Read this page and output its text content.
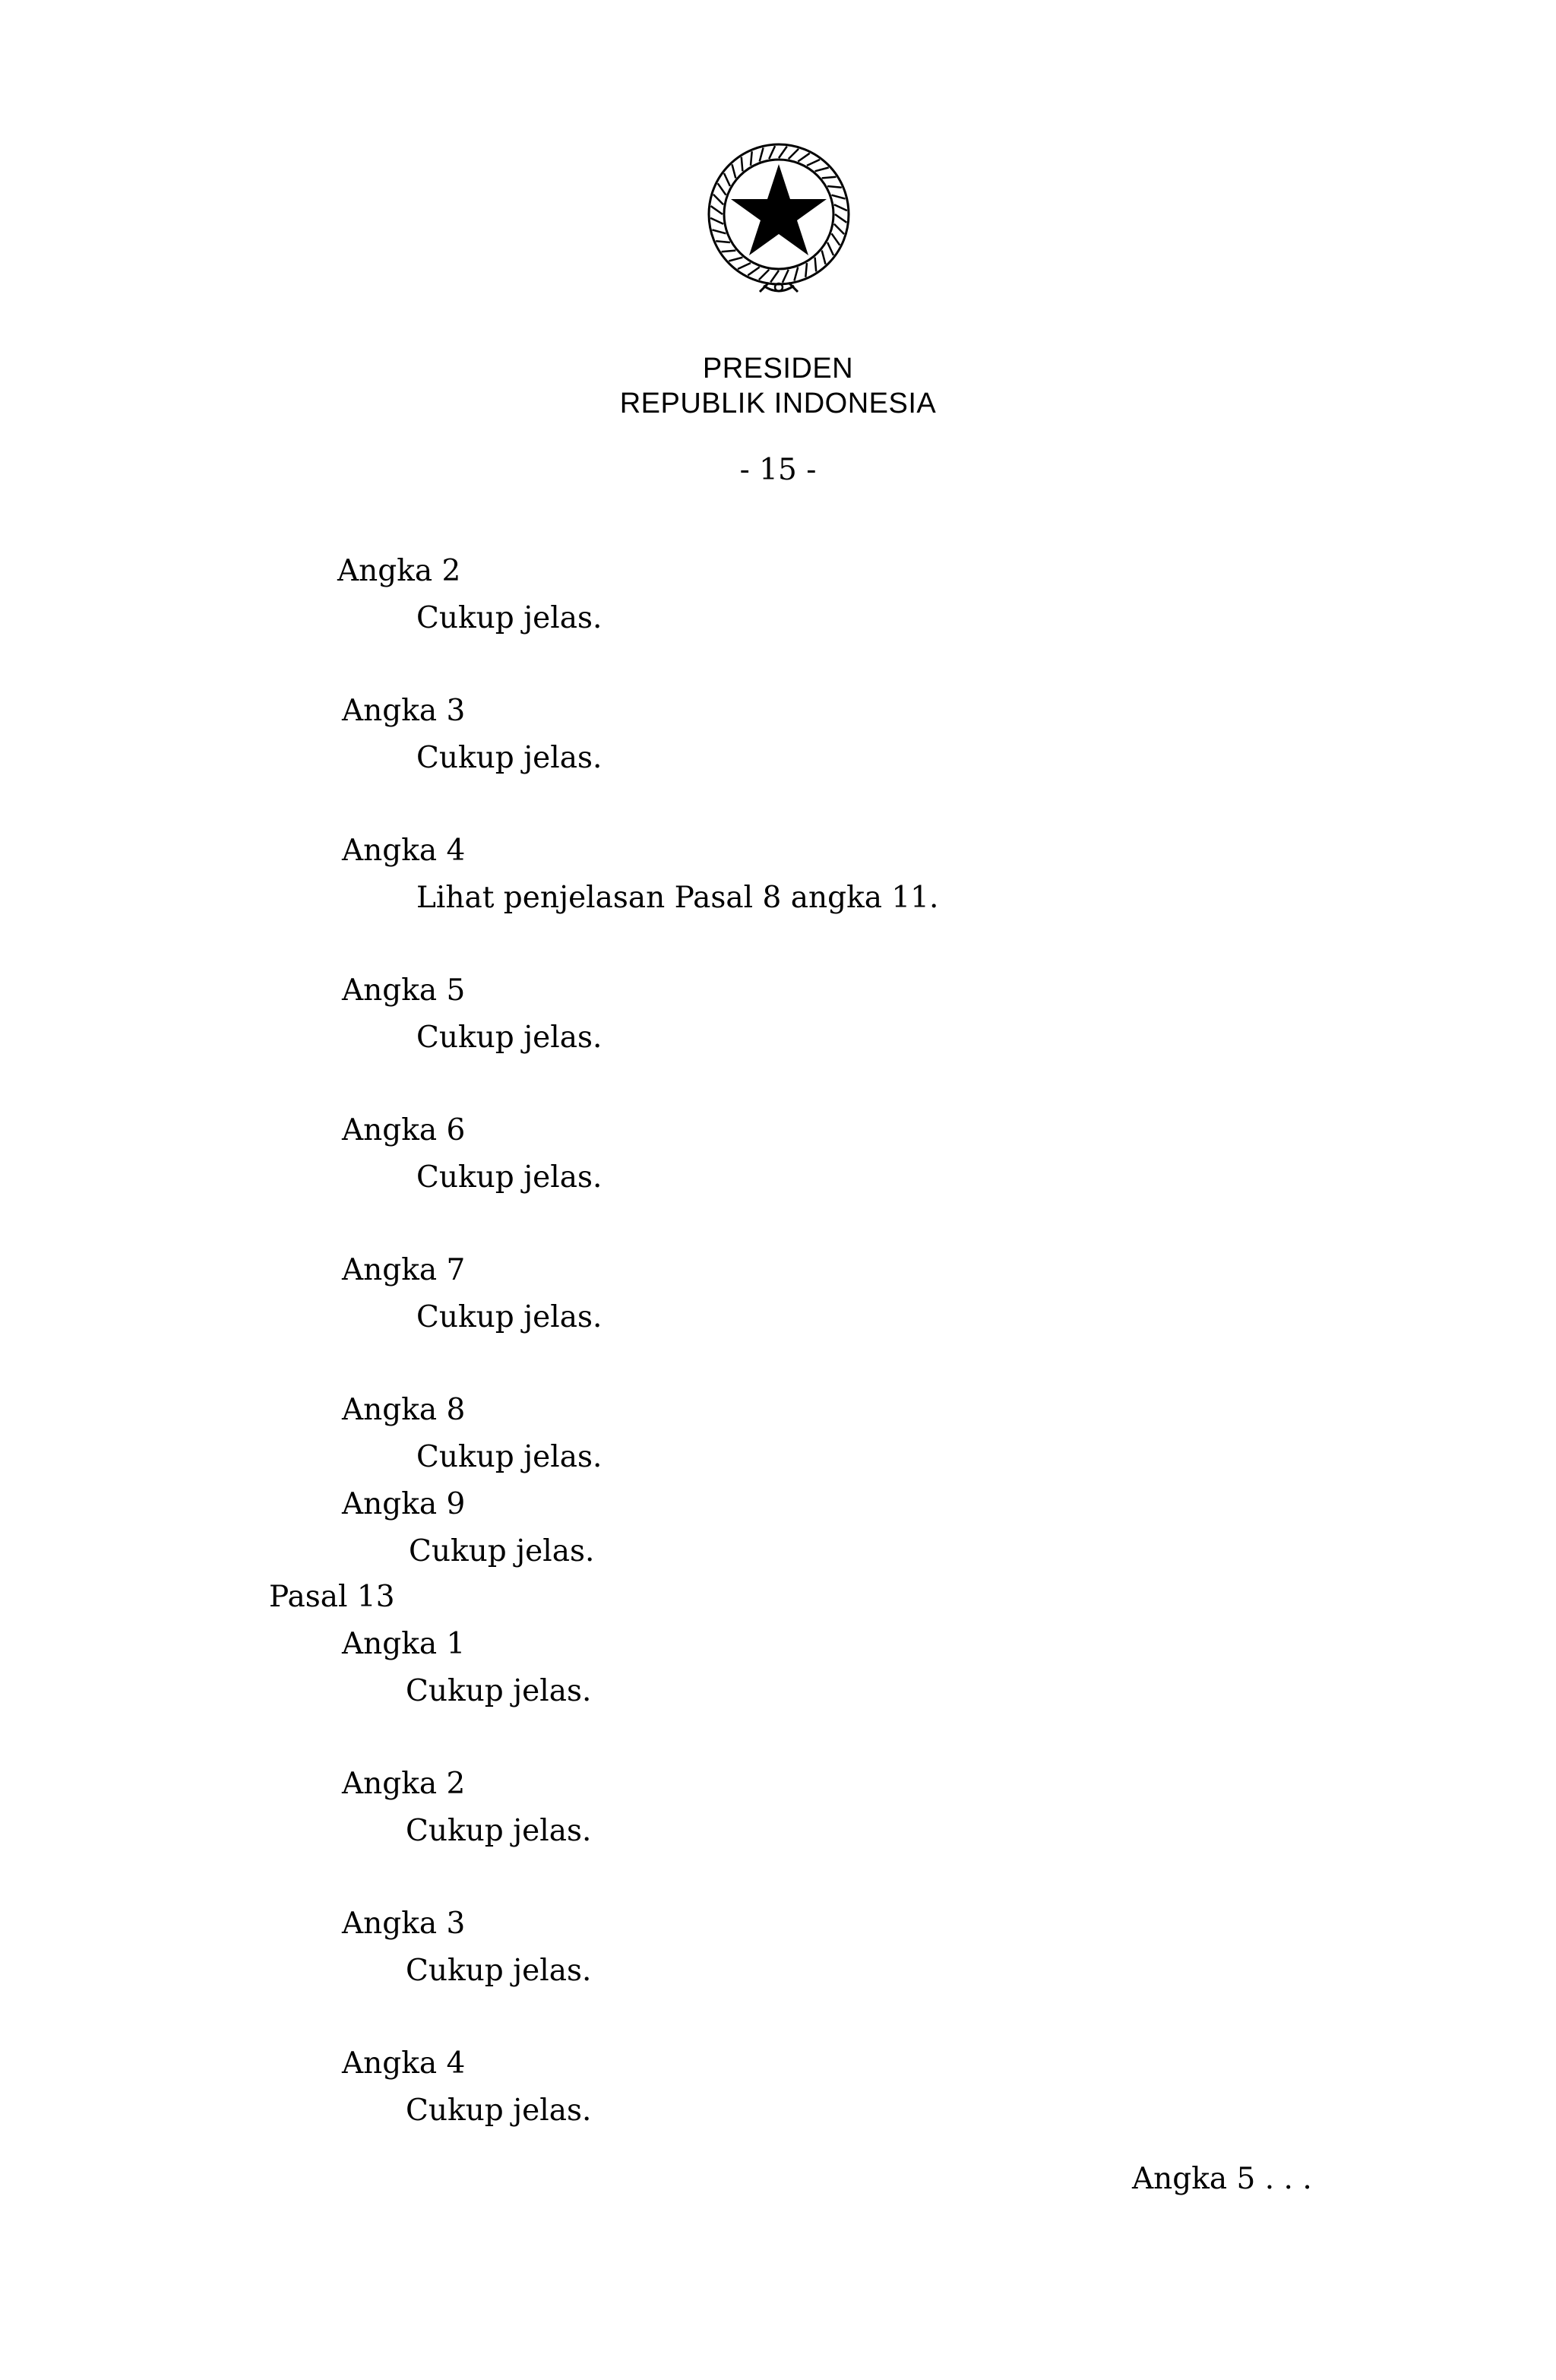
PRESIDEN
REPUBLIK INDONESIA
- 15 -
Angka 2
Cukup jelas.
Angka 3
Cukup jelas.
Angka 4
Lihat penjelasan Pasal 8 angka 11.
Angka 5
Cukup jelas.
Angka 6
Cukup jelas.
Angka 7
Cukup jelas.
Angka 8
Cukup jelas.
Angka 9
Cukup jelas.
Pasal 13
Angka 1
Cukup jelas.
Angka 2
Cukup jelas.
Angka 3
Cukup jelas.
Angka 4
Cukup jelas.
Angka 5 . . .
